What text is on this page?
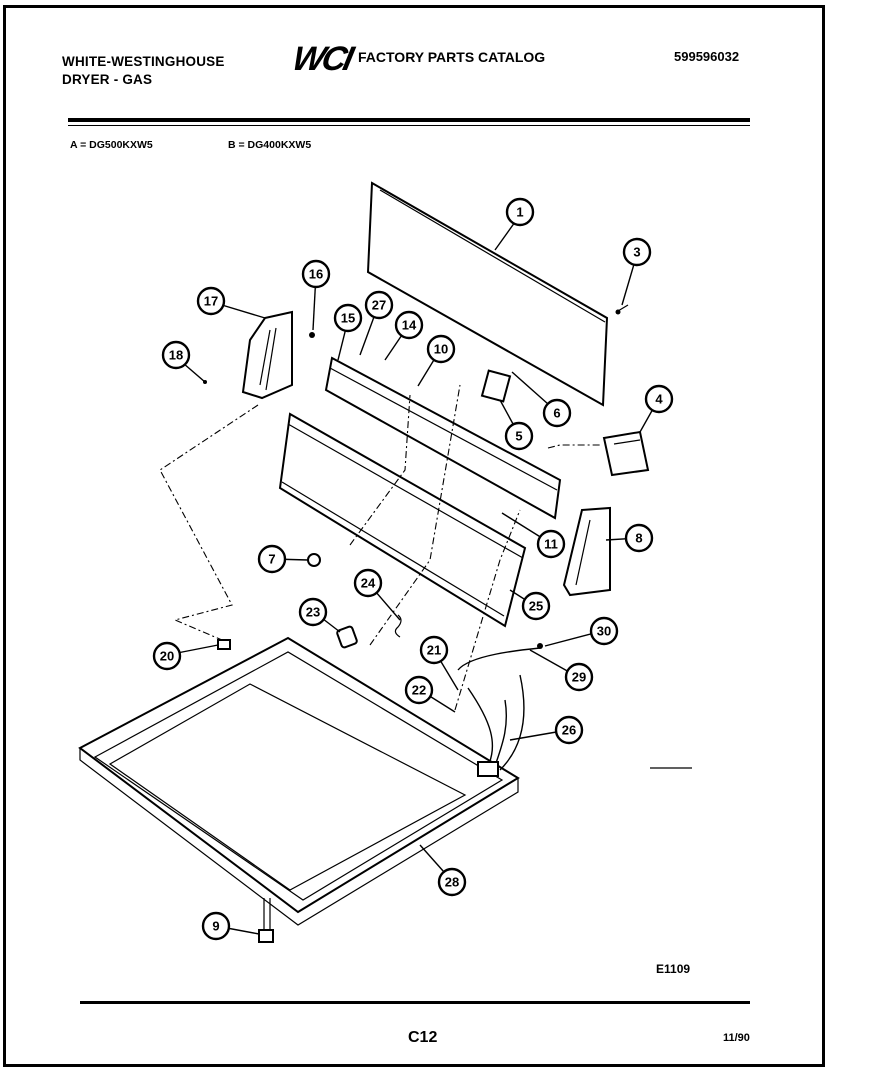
WHITE-WESTINGHOUSE
DRYER - GAS
WCI FACTORY PARTS CATALOG	599596032
A = DG500KXW5	B = DG400KXW5
1
3
16
17
15
27
14
10
18
6
5
4
8
11
7
24
25
23
20	21
30
29
22
26
28
9
E1109
C12	11/90
